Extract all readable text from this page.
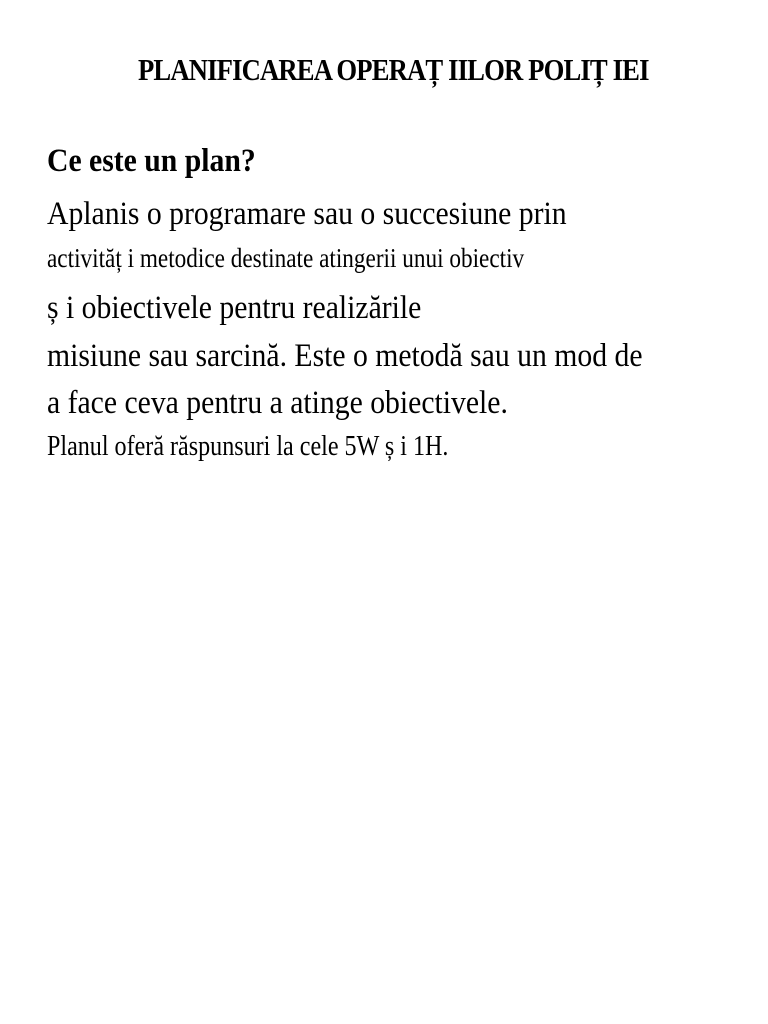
PLANIFICAREA OPERAȚ IILOR POLIȚ IEI
Ce este un plan?

Aplanis o programare sau o succesiune prin

activităț i metodice destinate atingerii unui obiectiv

ș i obiectivele pentru realizările

misiune sau sarcină. Este o metodă sau un mod de

a face ceva pentru a atinge obiectivele.

Planul oferă răspunsuri la cele 5W ș i 1H.
